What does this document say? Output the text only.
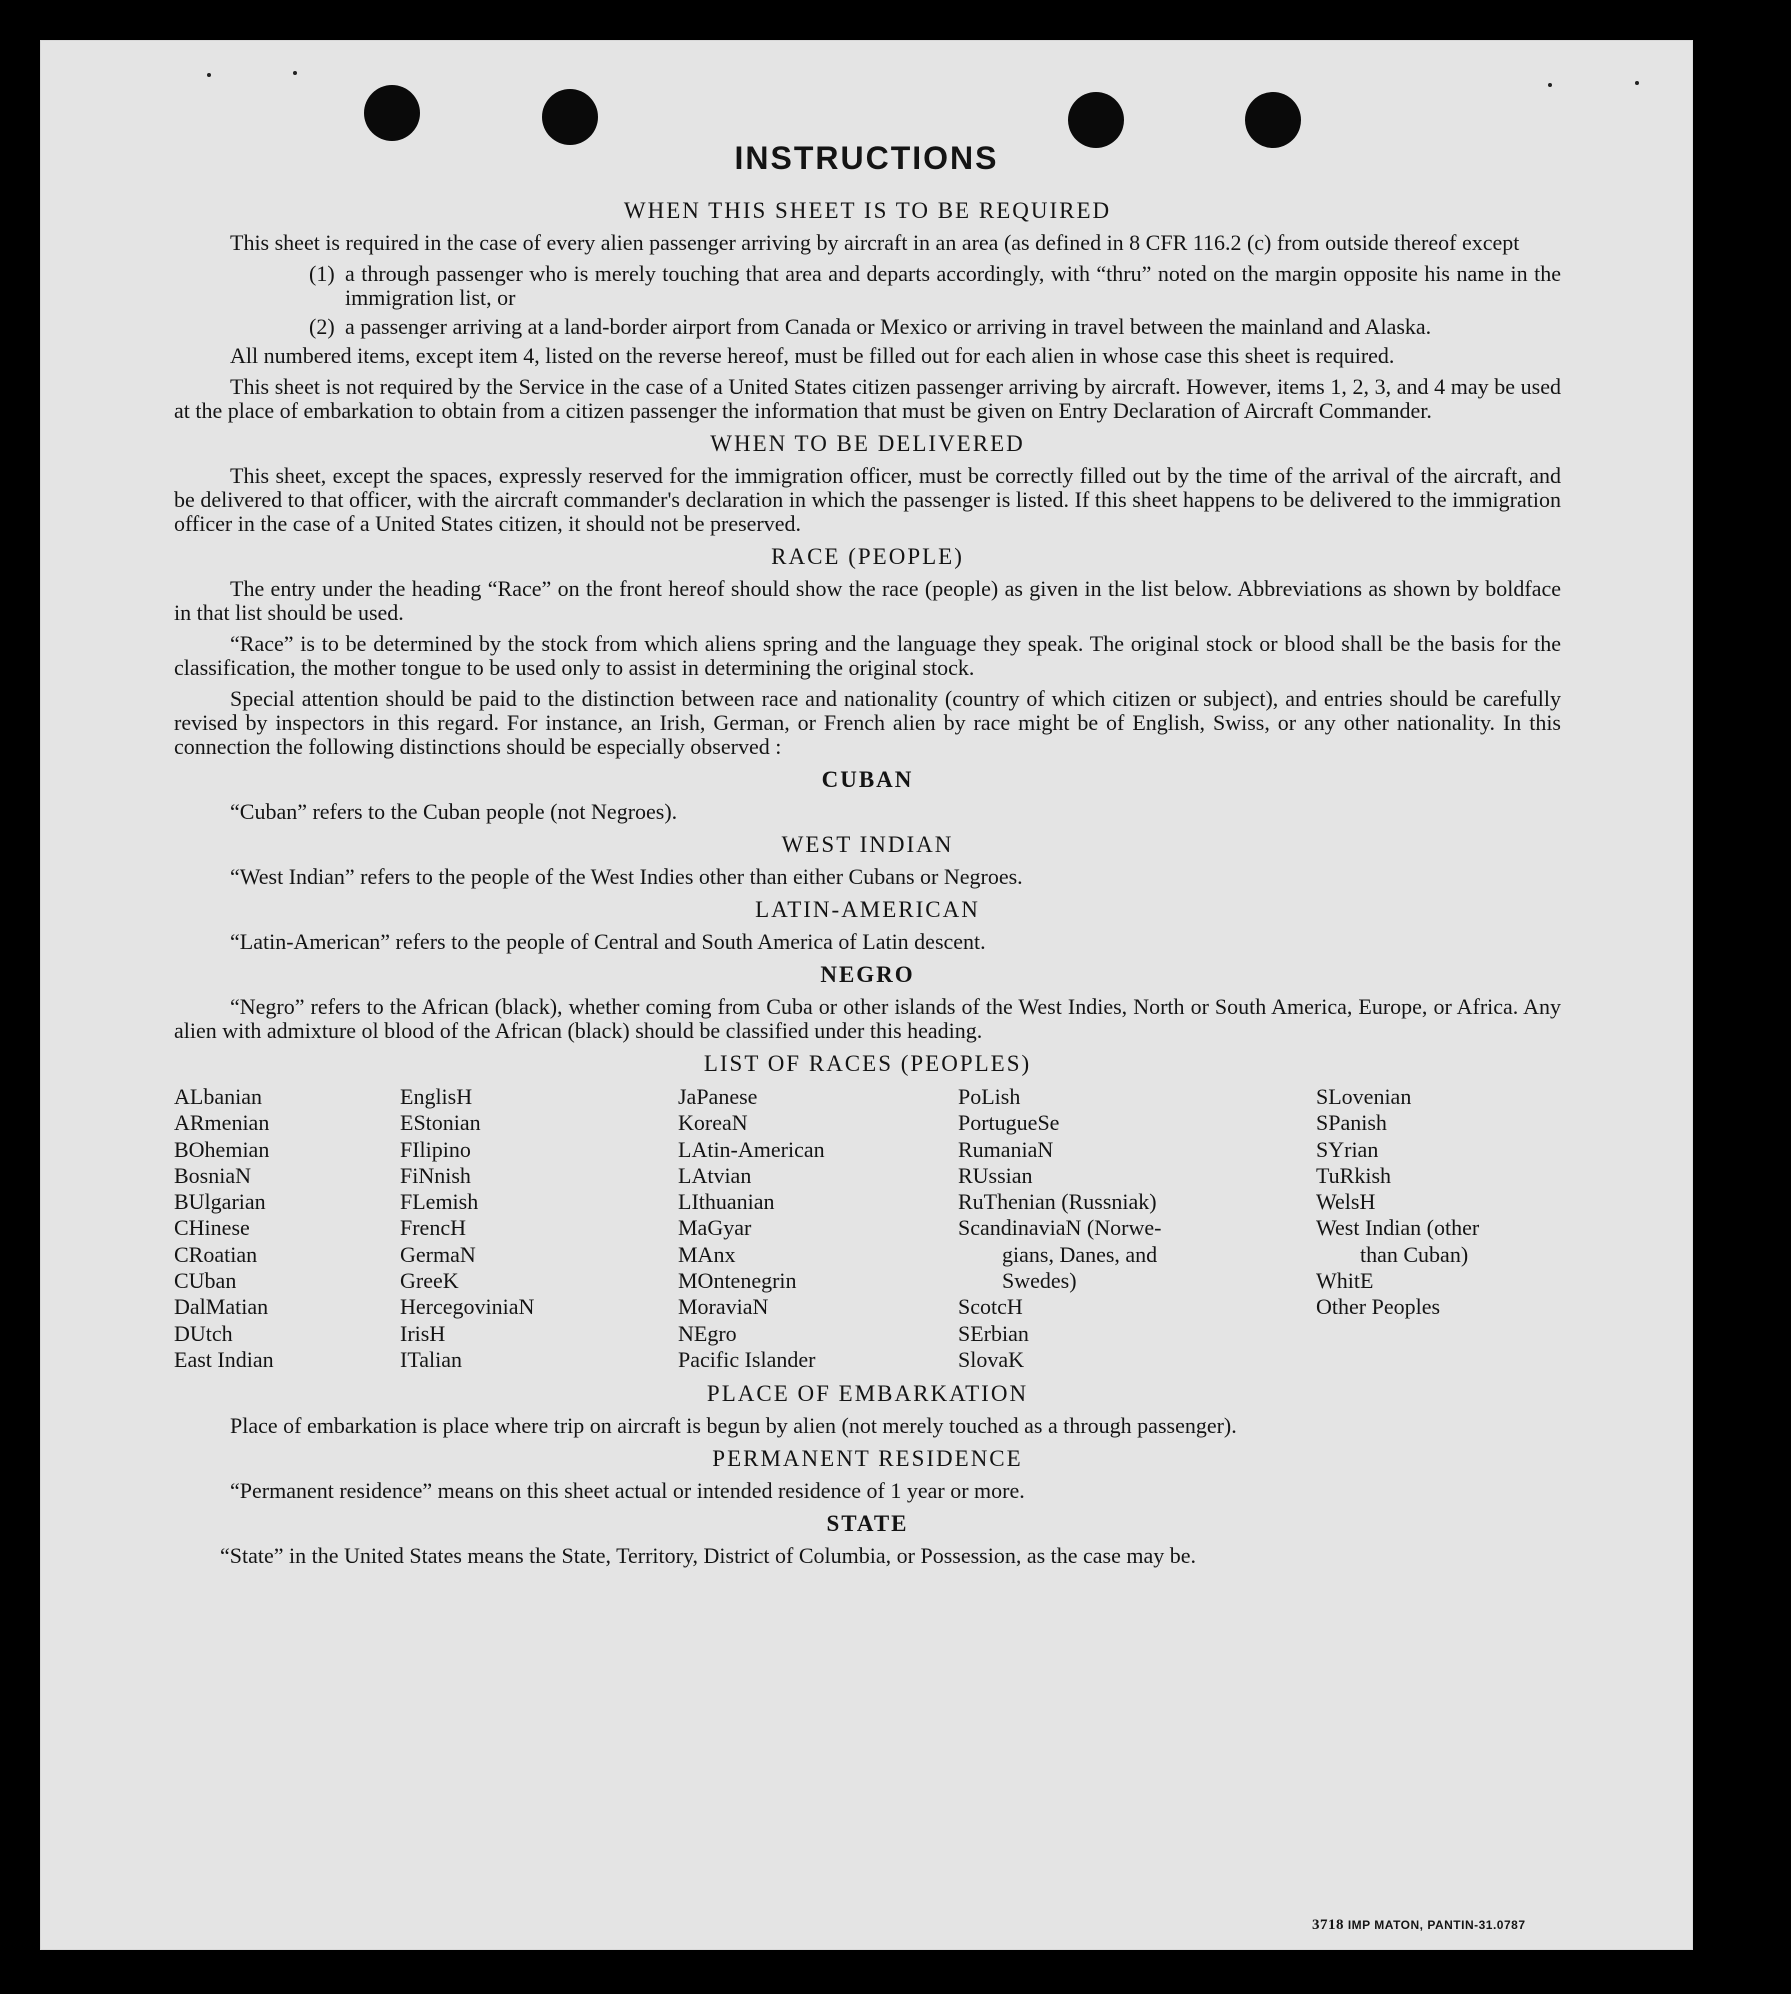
INSTRUCTIONS
WHEN THIS SHEET IS TO BE REQUIRED
This sheet is required in the case of every alien passenger arriving by aircraft in an area (as defined in 8 CFR 116.2 (c) from outside thereof except
(1) a through passenger who is merely touching that area and departs accordingly, with “thru” noted on the margin opposite his name in the immigration list, or
(2) a passenger arriving at a land-border airport from Canada or Mexico or arriving in travel between the mainland and Alaska.
All numbered items, except item 4, listed on the reverse hereof, must be filled out for each alien in whose case this sheet is required.
This sheet is not required by the Service in the case of a United States citizen passenger arriving by aircraft. However, items 1, 2, 3, and 4 may be used at the place of embarkation to obtain from a citizen passenger the information that must be given on Entry Declaration of Aircraft Commander.
WHEN TO BE DELIVERED
This sheet, except the spaces, expressly reserved for the immigration officer, must be correctly filled out by the time of the arrival of the aircraft, and be delivered to that officer, with the aircraft commander's declaration in which the passenger is listed. If this sheet happens to be delivered to the immigration officer in the case of a United States citizen, it should not be preserved.
RACE (PEOPLE)
The entry under the heading “Race” on the front hereof should show the race (people) as given in the list below. Abbreviations as shown by boldface in that list should be used.
“Race” is to be determined by the stock from which aliens spring and the language they speak. The original stock or blood shall be the basis for the classification, the mother tongue to be used only to assist in determining the original stock.
Special attention should be paid to the distinction between race and nationality (country of which citizen or subject), and entries should be carefully revised by inspectors in this regard. For instance, an Irish, German, or French alien by race might be of English, Swiss, or any other nationality. In this connection the following distinctions should be especially observed :
CUBAN
“Cuban” refers to the Cuban people (not Negroes).
WEST INDIAN
“West Indian” refers to the people of the West Indies other than either Cubans or Negroes.
LATIN-AMERICAN
“Latin-American” refers to the people of Central and South America of Latin descent.
NEGRO
“Negro” refers to the African (black), whether coming from Cuba or other islands of the West Indies, North or South America, Europe, or Africa. Any alien with admixture ol blood of the African (black) should be classified under this heading.
LIST OF RACES (PEOPLES)
ALbanian
ARmenian
BOhemian
BosniaN
BUlgarian
CHinese
CRoatian
CUban
DalMatian
DUtch
East Indian
EnglisH
EStonian
FIlipino
FiNnish
FLemish
FrencH
GermaN
GreeK
HercegoviniaN
IrisH
ITalian
JaPanese
KoreaN
LAtin-American
LAtvian
LIthuanian
MaGyar
MAnx
MOntenegrin
MoraviaN
NEgro
Pacific Islander
PoLish
PortugueSe
RumaniaN
RUssian
RuThenian (Russniak)
ScandinaviaN (Norwe-
gians, Danes, and
Swedes)
ScotcH
SErbian
SlovaK
SLovenian
SPanish
SYrian
TuRkish
WelsH
West Indian (other
than Cuban)
WhitE
Other Peoples
PLACE OF EMBARKATION
Place of embarkation is place where trip on aircraft is begun by alien (not merely touched as a through passenger).
PERMANENT RESIDENCE
“Permanent residence” means on this sheet actual or intended residence of 1 year or more.
STATE
“State” in the United States means the State, Territory, District of Columbia, or Possession, as the case may be.
3718 IMP MATON, PANTIN-31.0787
